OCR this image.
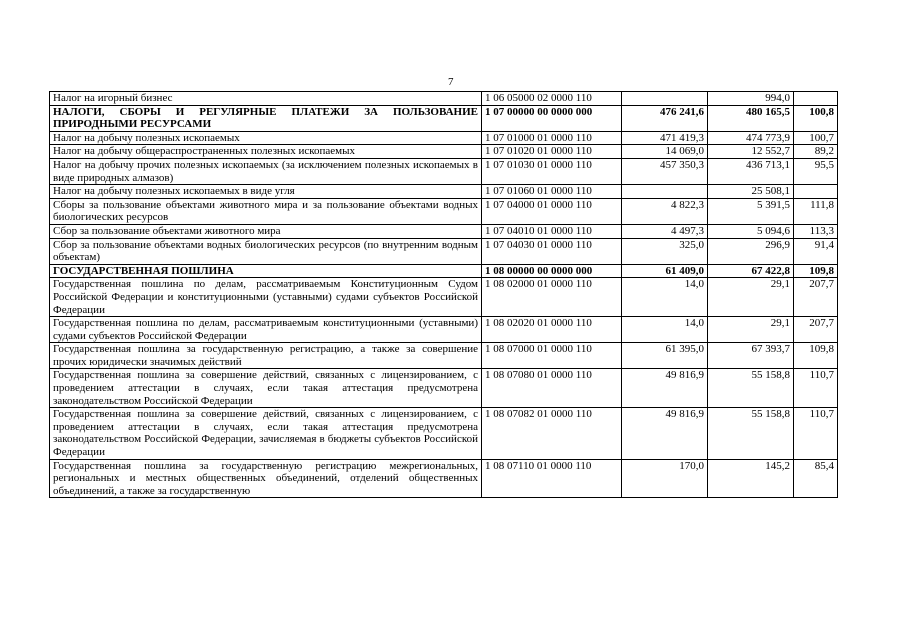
7
Налог на игорный бизнес	1 06 05000 02 0000 110		994,0	
НАЛОГИ, СБОРЫ И РЕГУЛЯРНЫЕ ПЛАТЕЖИ ЗА ПОЛЬЗОВАНИЕ ПРИРОДНЫМИ РЕСУРСАМИ	1 07 00000 00 0000 000	476 241,6	480 165,5	100,8
Налог на добычу полезных ископаемых	1 07 01000 01 0000 110	471 419,3	474 773,9	100,7
Налог на добычу общераспространенных полезных ископаемых	1 07 01020 01 0000 110	14 069,0	12 552,7	89,2
Налог на добычу прочих полезных ископаемых (за исключением полезных ископаемых в виде природных алмазов)	1 07 01030 01 0000 110	457 350,3	436 713,1	95,5
Налог на добычу полезных ископаемых в виде угля	1 07 01060 01 0000 110		25 508,1	
Сборы за пользование объектами животного мира и за пользование объектами водных биологических ресурсов	1 07 04000 01 0000 110	4 822,3	5 391,5	111,8
Сбор за пользование объектами животного мира	1 07 04010 01 0000 110	4 497,3	5 094,6	113,3
Сбор за пользование объектами водных биологических ресурсов (по внутренним водным объектам)	1 07 04030 01 0000 110	325,0	296,9	91,4
ГОСУДАРСТВЕННАЯ ПОШЛИНА	1 08 00000 00 0000 000	61 409,0	67 422,8	109,8
Государственная пошлина по делам, рассматриваемым Конституционным Судом Российской Федерации и конституционными (уставными) судами субъектов Российской Федерации	1 08 02000 01 0000 110	14,0	29,1	207,7
Государственная пошлина по делам, рассматриваемым конституционными (уставными) судами субъектов Российской Федерации	1 08 02020 01 0000 110	14,0	29,1	207,7
Государственная пошлина за государственную регистрацию, а также за совершение прочих юридически значимых действий	1 08 07000 01 0000 110	61 395,0	67 393,7	109,8
Государственная пошлина за совершение действий, связанных с лицензированием, с проведением аттестации в случаях, если такая аттестация предусмотрена законодательством Российской Федерации	1 08 07080 01 0000 110	49 816,9	55 158,8	110,7
Государственная пошлина за совершение действий, связанных с лицензированием, с проведением аттестации в случаях, если такая аттестация предусмотрена законодательством Российской Федерации, зачисляемая в бюджеты субъектов Российской Федерации	1 08 07082 01 0000 110	49 816,9	55 158,8	110,7
Государственная пошлина за государственную регистрацию межрегиональных, региональных и местных общественных объединений, отделений общественных объединений, а также за государственную	1 08 07110 01 0000 110	170,0	145,2	85,4
